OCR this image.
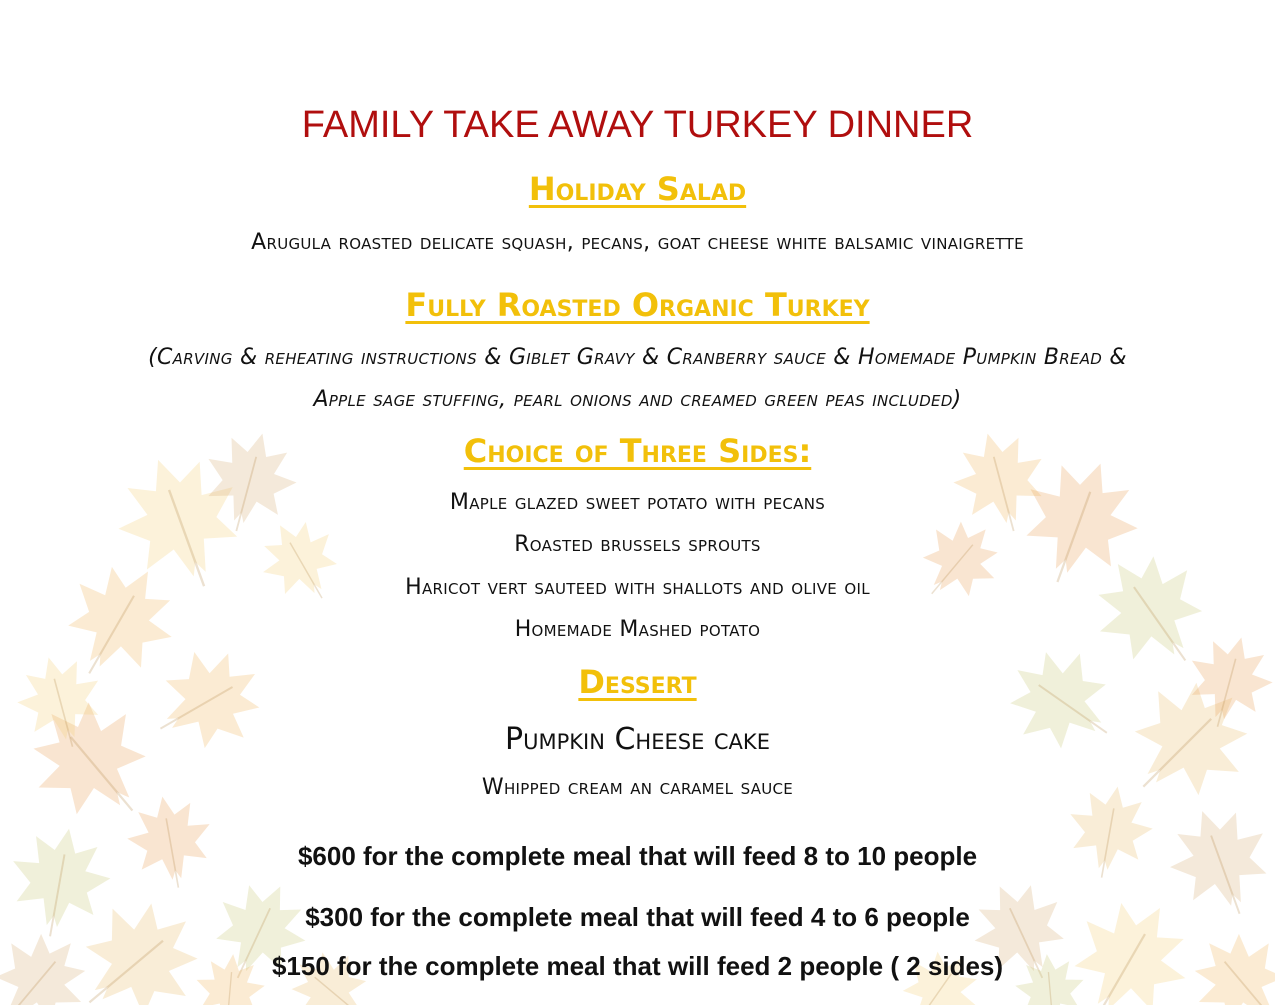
FAMILY TAKE AWAY TURKEY DINNER
Holiday Salad
Arugula roasted delicate squash, pecans, goat cheese white balsamic vinaigrette
Fully Roasted Organic Turkey
(Carving & reheating instructions & Giblet Gravy & Cranberry sauce & Homemade Pumpkin Bread &
Apple sage stuffing, pearl onions and creamed green peas included)
Choice of Three Sides:
Maple glazed sweet potato with pecans
Roasted brussels sprouts
Haricot vert sauteed with shallots and olive oil
Homemade Mashed potato
Dessert
Pumpkin Cheese cake
Whipped cream an caramel sauce
$600 for the complete meal that will feed 8 to 10 people
$300 for the complete meal that will feed 4 to 6 people
$150 for the complete meal that will feed 2 people ( 2 sides)
